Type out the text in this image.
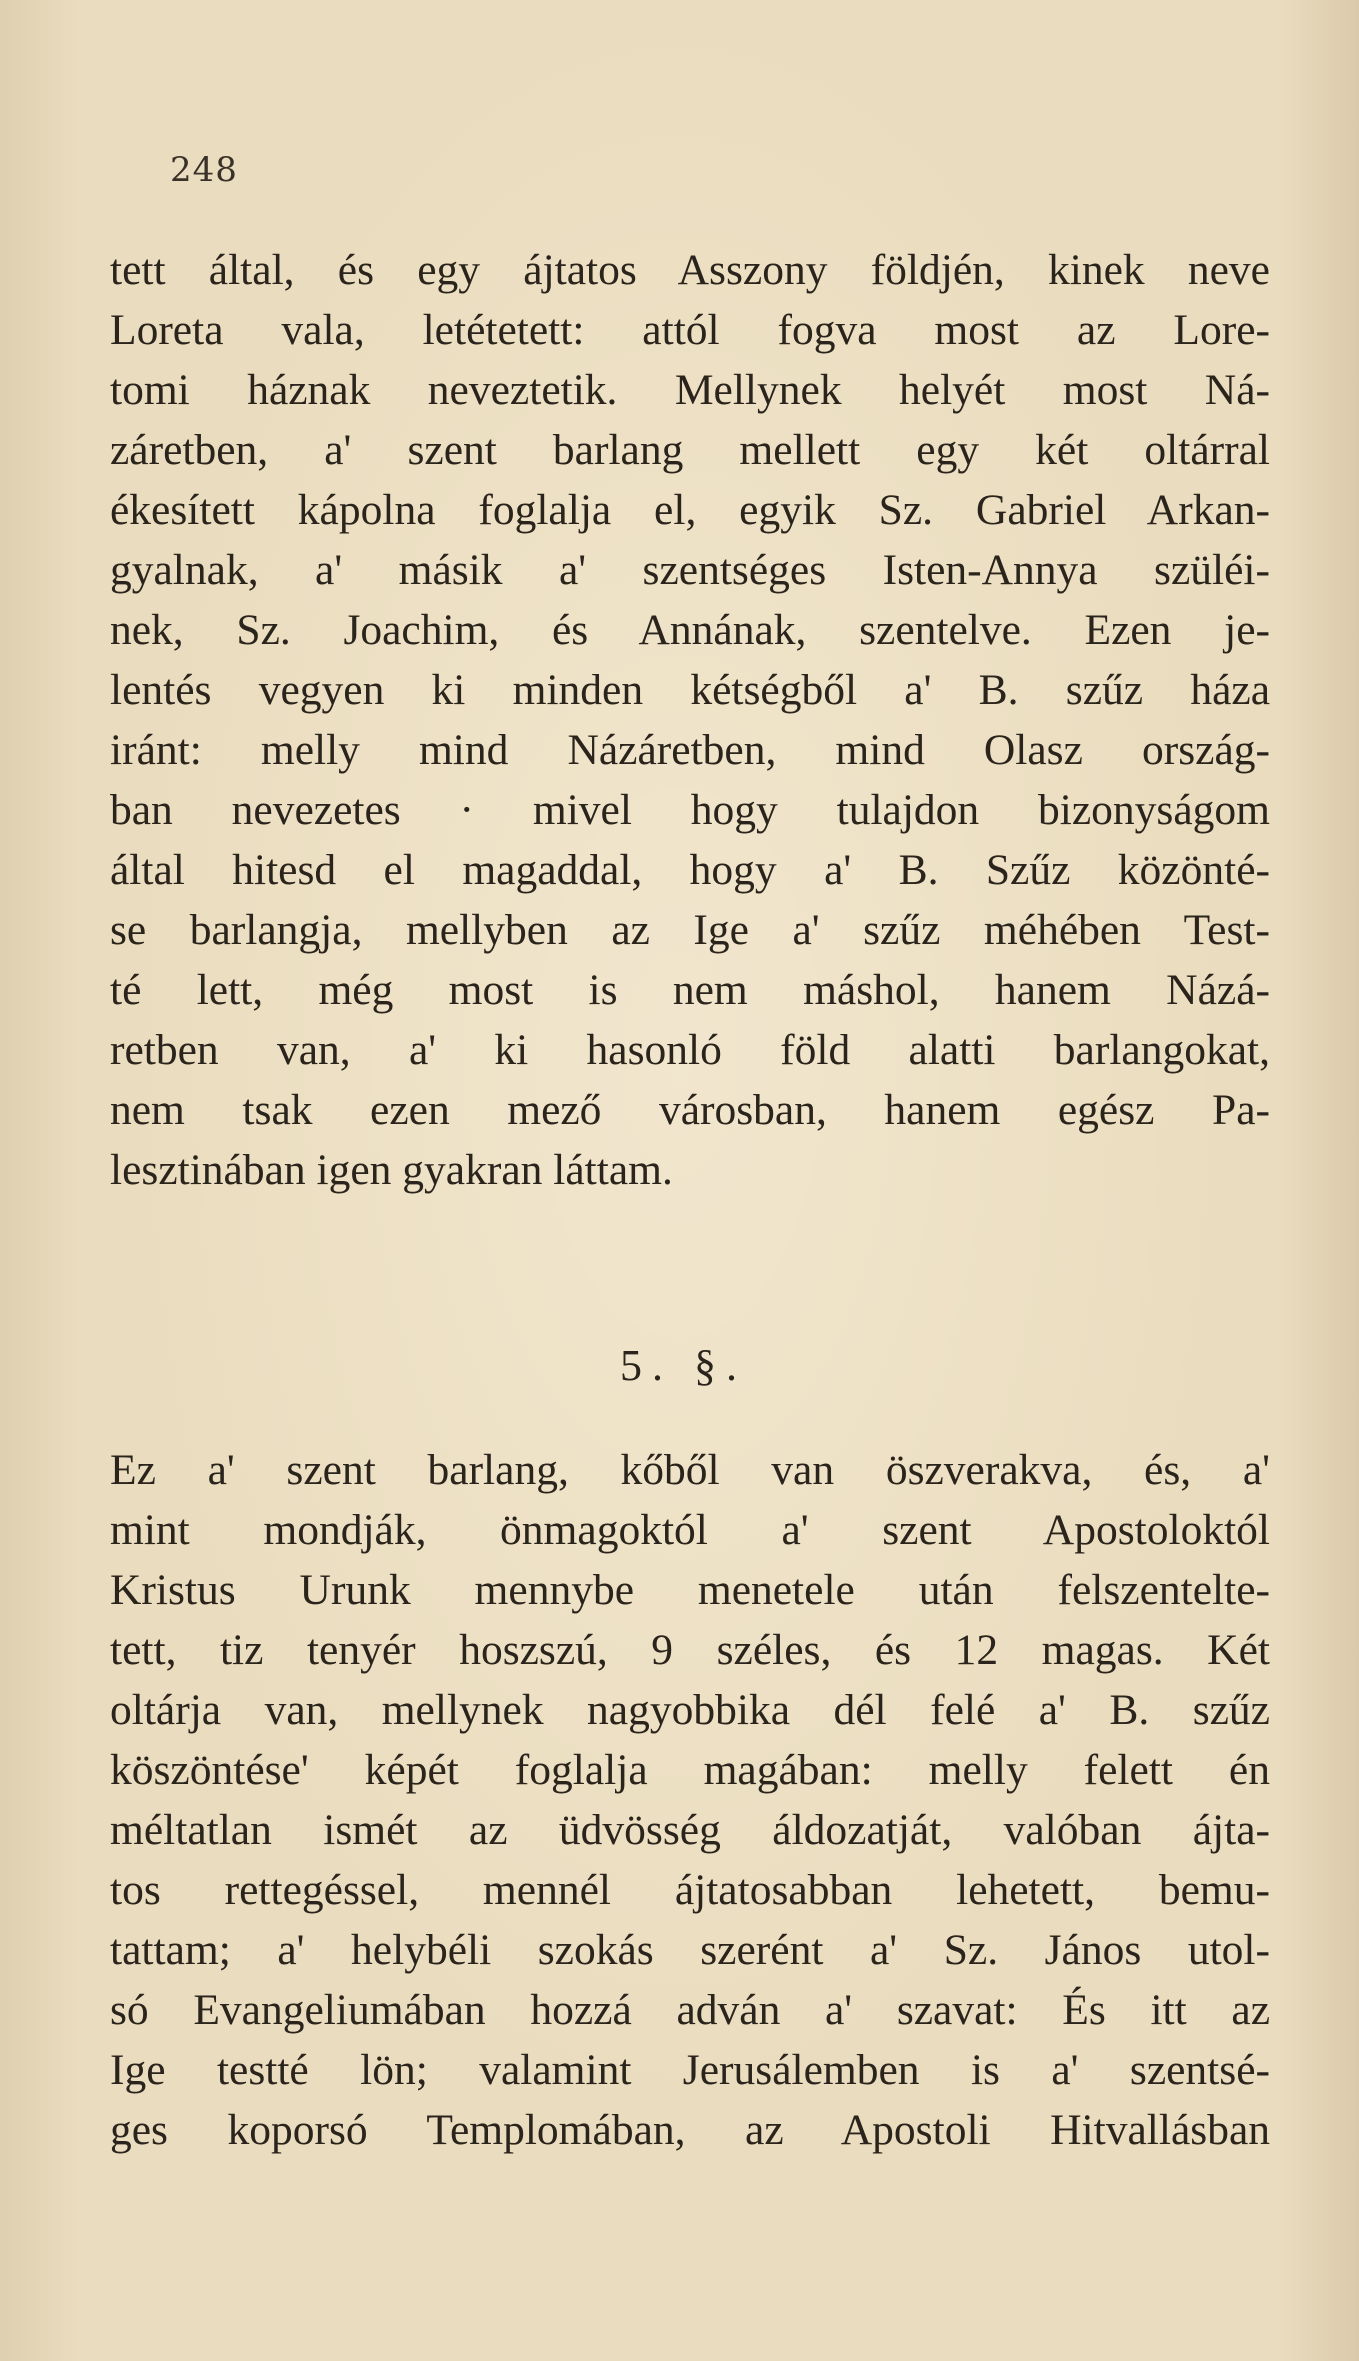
248
tett által, és egy ájtatos Asszony földjén, kinek neve
Loreta vala, letétetett: attól fogva most az Lore-
tomi háznak neveztetik. Mellynek helyét most Ná-
záretben, a' szent barlang mellett egy két oltárral
ékesített kápolna foglalja el, egyik Sz. Gabriel Arkan-
gyalnak, a' másik a' szentséges Isten-Annya szüléi-
nek, Sz. Joachim, és Annának, szentelve. Ezen je-
lentés vegyen ki minden kétségből a' B. szűz háza
iránt: melly mind Názáretben, mind Olasz ország-
ban nevezetes · mivel hogy tulajdon bizonyságom
által hitesd el magaddal, hogy a' B. Szűz közönté-
se barlangja, mellyben az Ige a' szűz méhében Test-
té lett, még most is nem máshol, hanem Názá-
retben van, a' ki hasonló föld alatti barlangokat,
nem tsak ezen mező városban, hanem egész Pa-
lesztinában igen gyakran láttam.
5. §.
Ez a' szent barlang, kőből van öszverakva, és, a'
mint mondják, önmagoktól a' szent Apostoloktól
Kristus Urunk mennybe menetele után felszentelte-
tett, tiz tenyér hoszszú, 9 széles, és 12 magas. Két
oltárja van, mellynek nagyobbika dél felé a' B. szűz
köszöntése' képét foglalja magában: melly felett én
méltatlan ismét az üdvösség áldozatját, valóban ájta-
tos rettegéssel, mennél ájtatosabban lehetett, bemu-
tattam; a' helybéli szokás szerént a' Sz. János utol-
só Evangeliumában hozzá adván a' szavat: És itt az
Ige testté lön; valamint Jerusálemben is a' szentsé-
ges koporsó Templomában, az Apostoli Hitvallásban
